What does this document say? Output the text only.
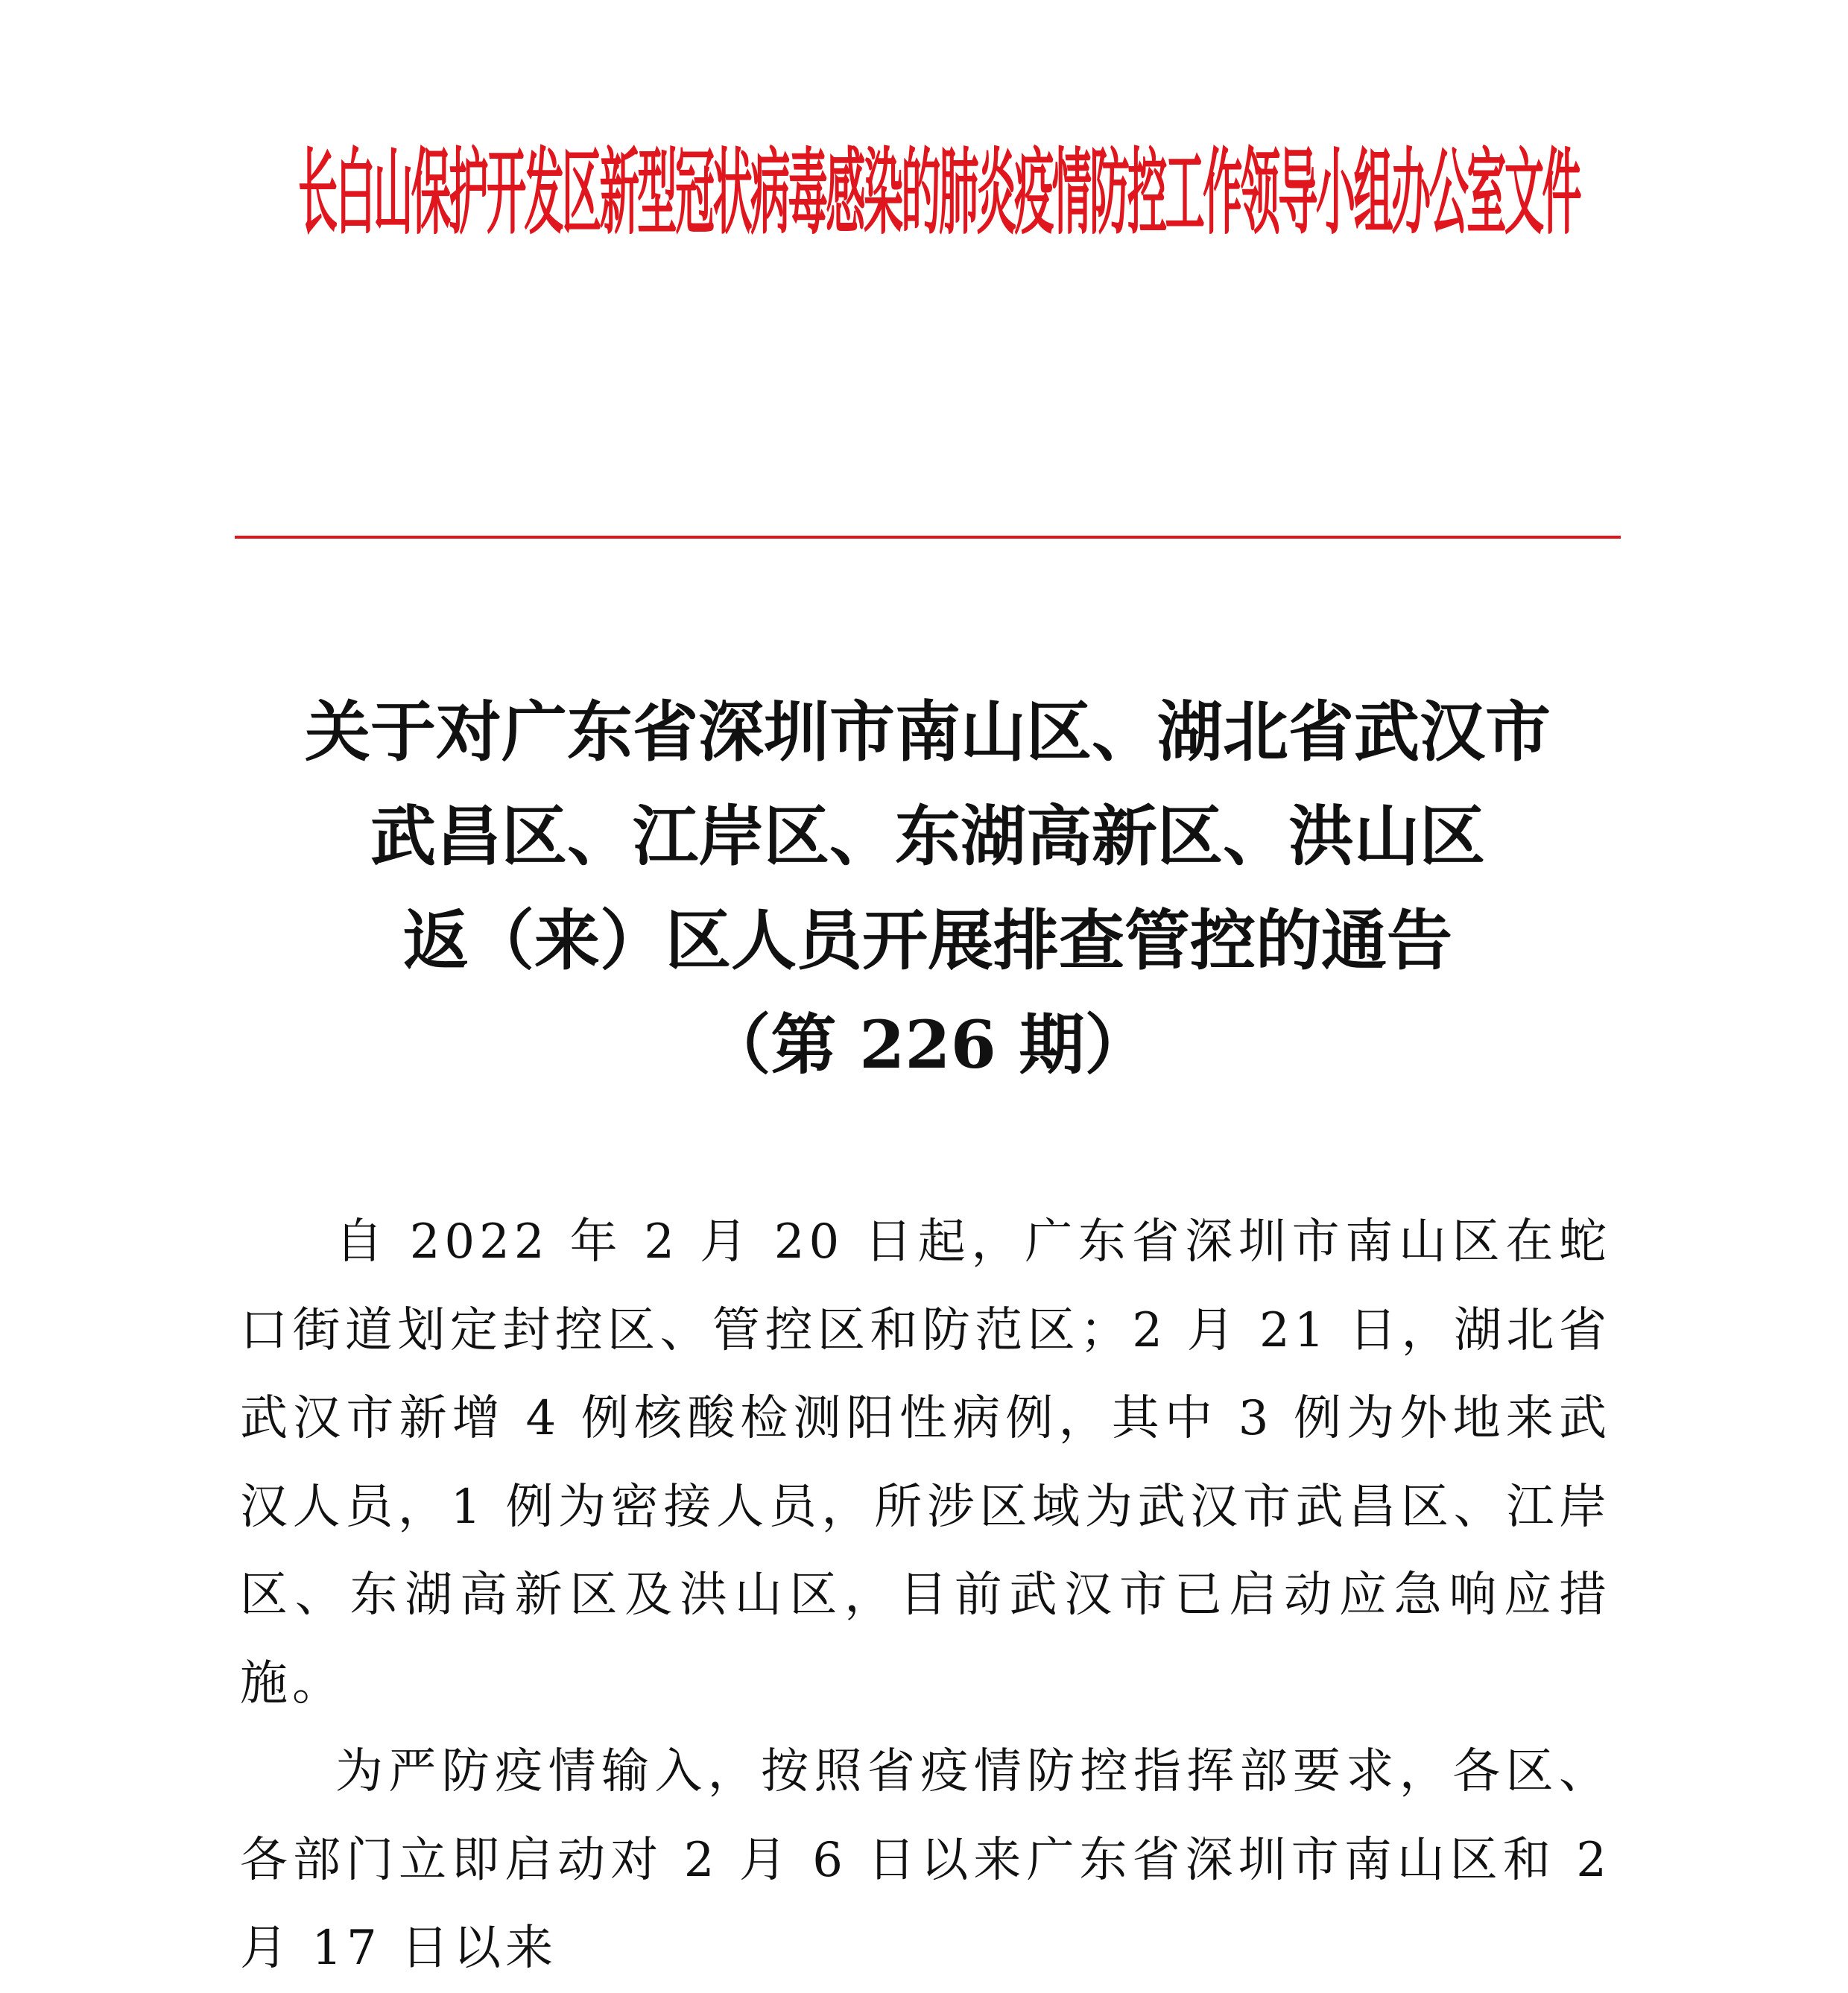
长白山保护开发区新型冠状病毒感染的肺炎疫情防控工作领导小组办公室文件
关于对广东省深圳市南山区、湖北省武汉市
武昌区、江岸区、东湖高新区、洪山区
返（来）区人员开展排查管控的通告
（第 226 期）

自 2022 年 2 月 20 日起，广东省深圳市南山区在蛇口街道划定封控区、管控区和防范区；2 月 21 日，湖北省武汉市新增 4 例核酸检测阳性病例，其中 3 例为外地来武汉人员，1 例为密接人员，所涉区域为武汉市武昌区、江岸区、东湖高新区及洪山区，目前武汉市已启动应急响应措施。

为严防疫情输入，按照省疫情防控指挥部要求，各区、各部门立即启动对 2 月 6 日以来广东省深圳市南山区和 2 月 17 日以来
